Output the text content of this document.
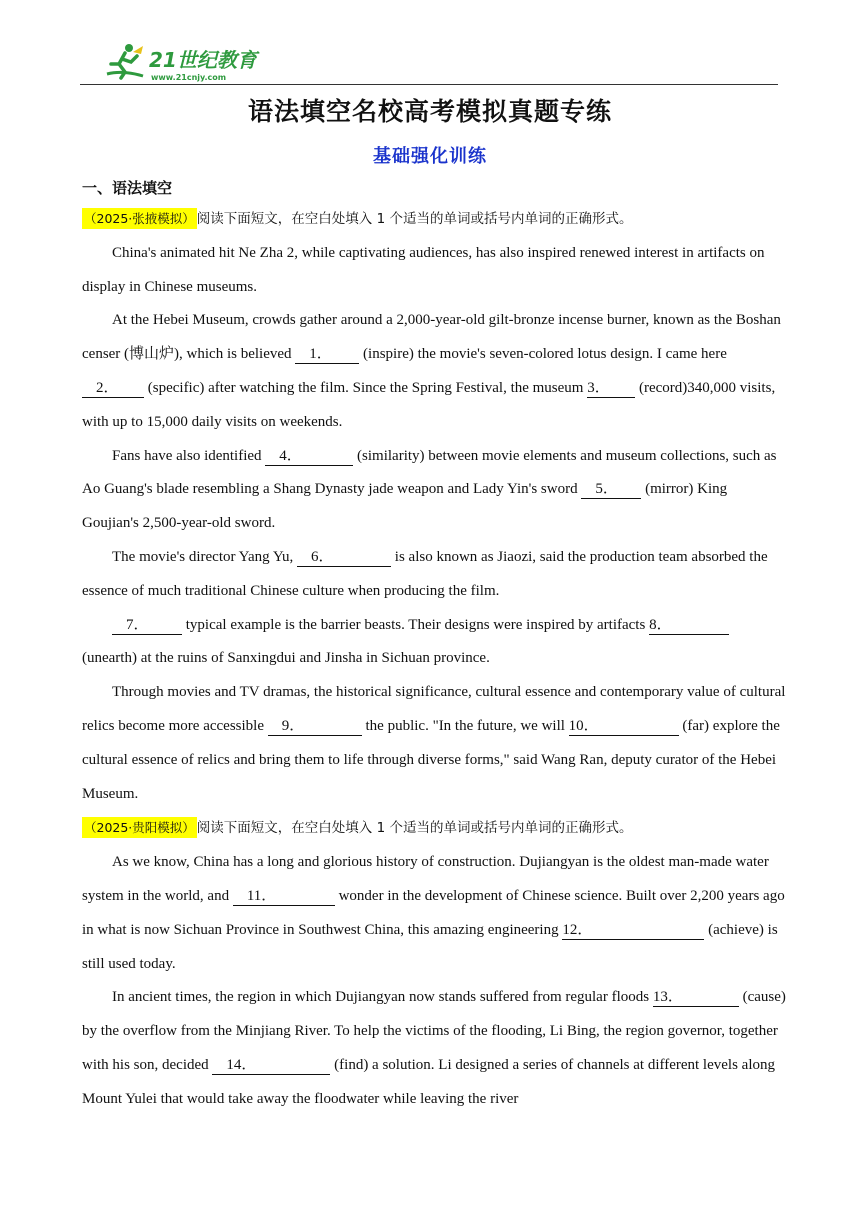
21世纪教育
www.21cnjy.com
语法填空名校高考模拟真题专练
基础强化训练
一、语法填空

（2025·张掖模拟） 阅读下面短文，在空白处填入 1 个适当的单词或括号内单词的正确形式。

China's animated hit Ne Zha 2, while captivating audiences, has also inspired renewed interest in artifacts on display in Chinese museums.

At the Hebei Museum, crowds gather around a 2,000-year-old gilt-bronze incense burner, known as the Boshan censer (博山炉), which is believed 1． (inspire) the movie's seven-colored lotus design. I came here 2． (specific) after watching the film. Since the Spring Festival, the museum 3． (record)340,000 visits, with up to 15,000 daily visits on weekends.

Fans have also identified 4．	(similarity) between movie elements and museum collections, such as Ao Guang's blade resembling a Shang Dynasty jade weapon and Lady Yin's sword 5． (mirror) King Goujian's 2,500-year-old sword.

The movie's director Yang Yu, 6．	is also known as Jiaozi, said the production team absorbed the essence of much traditional Chinese culture when producing the film.

7． typical example is the barrier beasts. Their designs were inspired by artifacts 8． (unearth) at the ruins of Sanxingdui and Jinsha in Sichuan province.

Through movies and TV dramas, the historical significance, cultural essence and contemporary value of cultural relics become more accessible 9．	the public. "In the future, we will 10．	(far) explore the cultural essence of relics and bring them to life through diverse forms," said Wang Ran, deputy curator of the Hebei Museum.

（2025·贵阳模拟） 阅读下面短文，在空白处填入 1 个适当的单词或括号内单词的正确形式。

As we know, China has a long and glorious history of construction. Dujiangyan is the oldest man-made water system in the world, and 11．	wonder in the development of Chinese science. Built over 2,200 years ago in what is now Sichuan Province in Southwest China, this amazing engineering 12．	(achieve) is still used today.

In ancient times, the region in which Dujiangyan now stands suffered from regular floods 13．	(cause) by the overflow from the Minjiang River. To help the victims of the flooding, Li Bing, the region governor, together with his son, decided 14．	(find) a solution. Li designed a series of channels at different levels along Mount Yulei that would take away the floodwater while leaving the river
